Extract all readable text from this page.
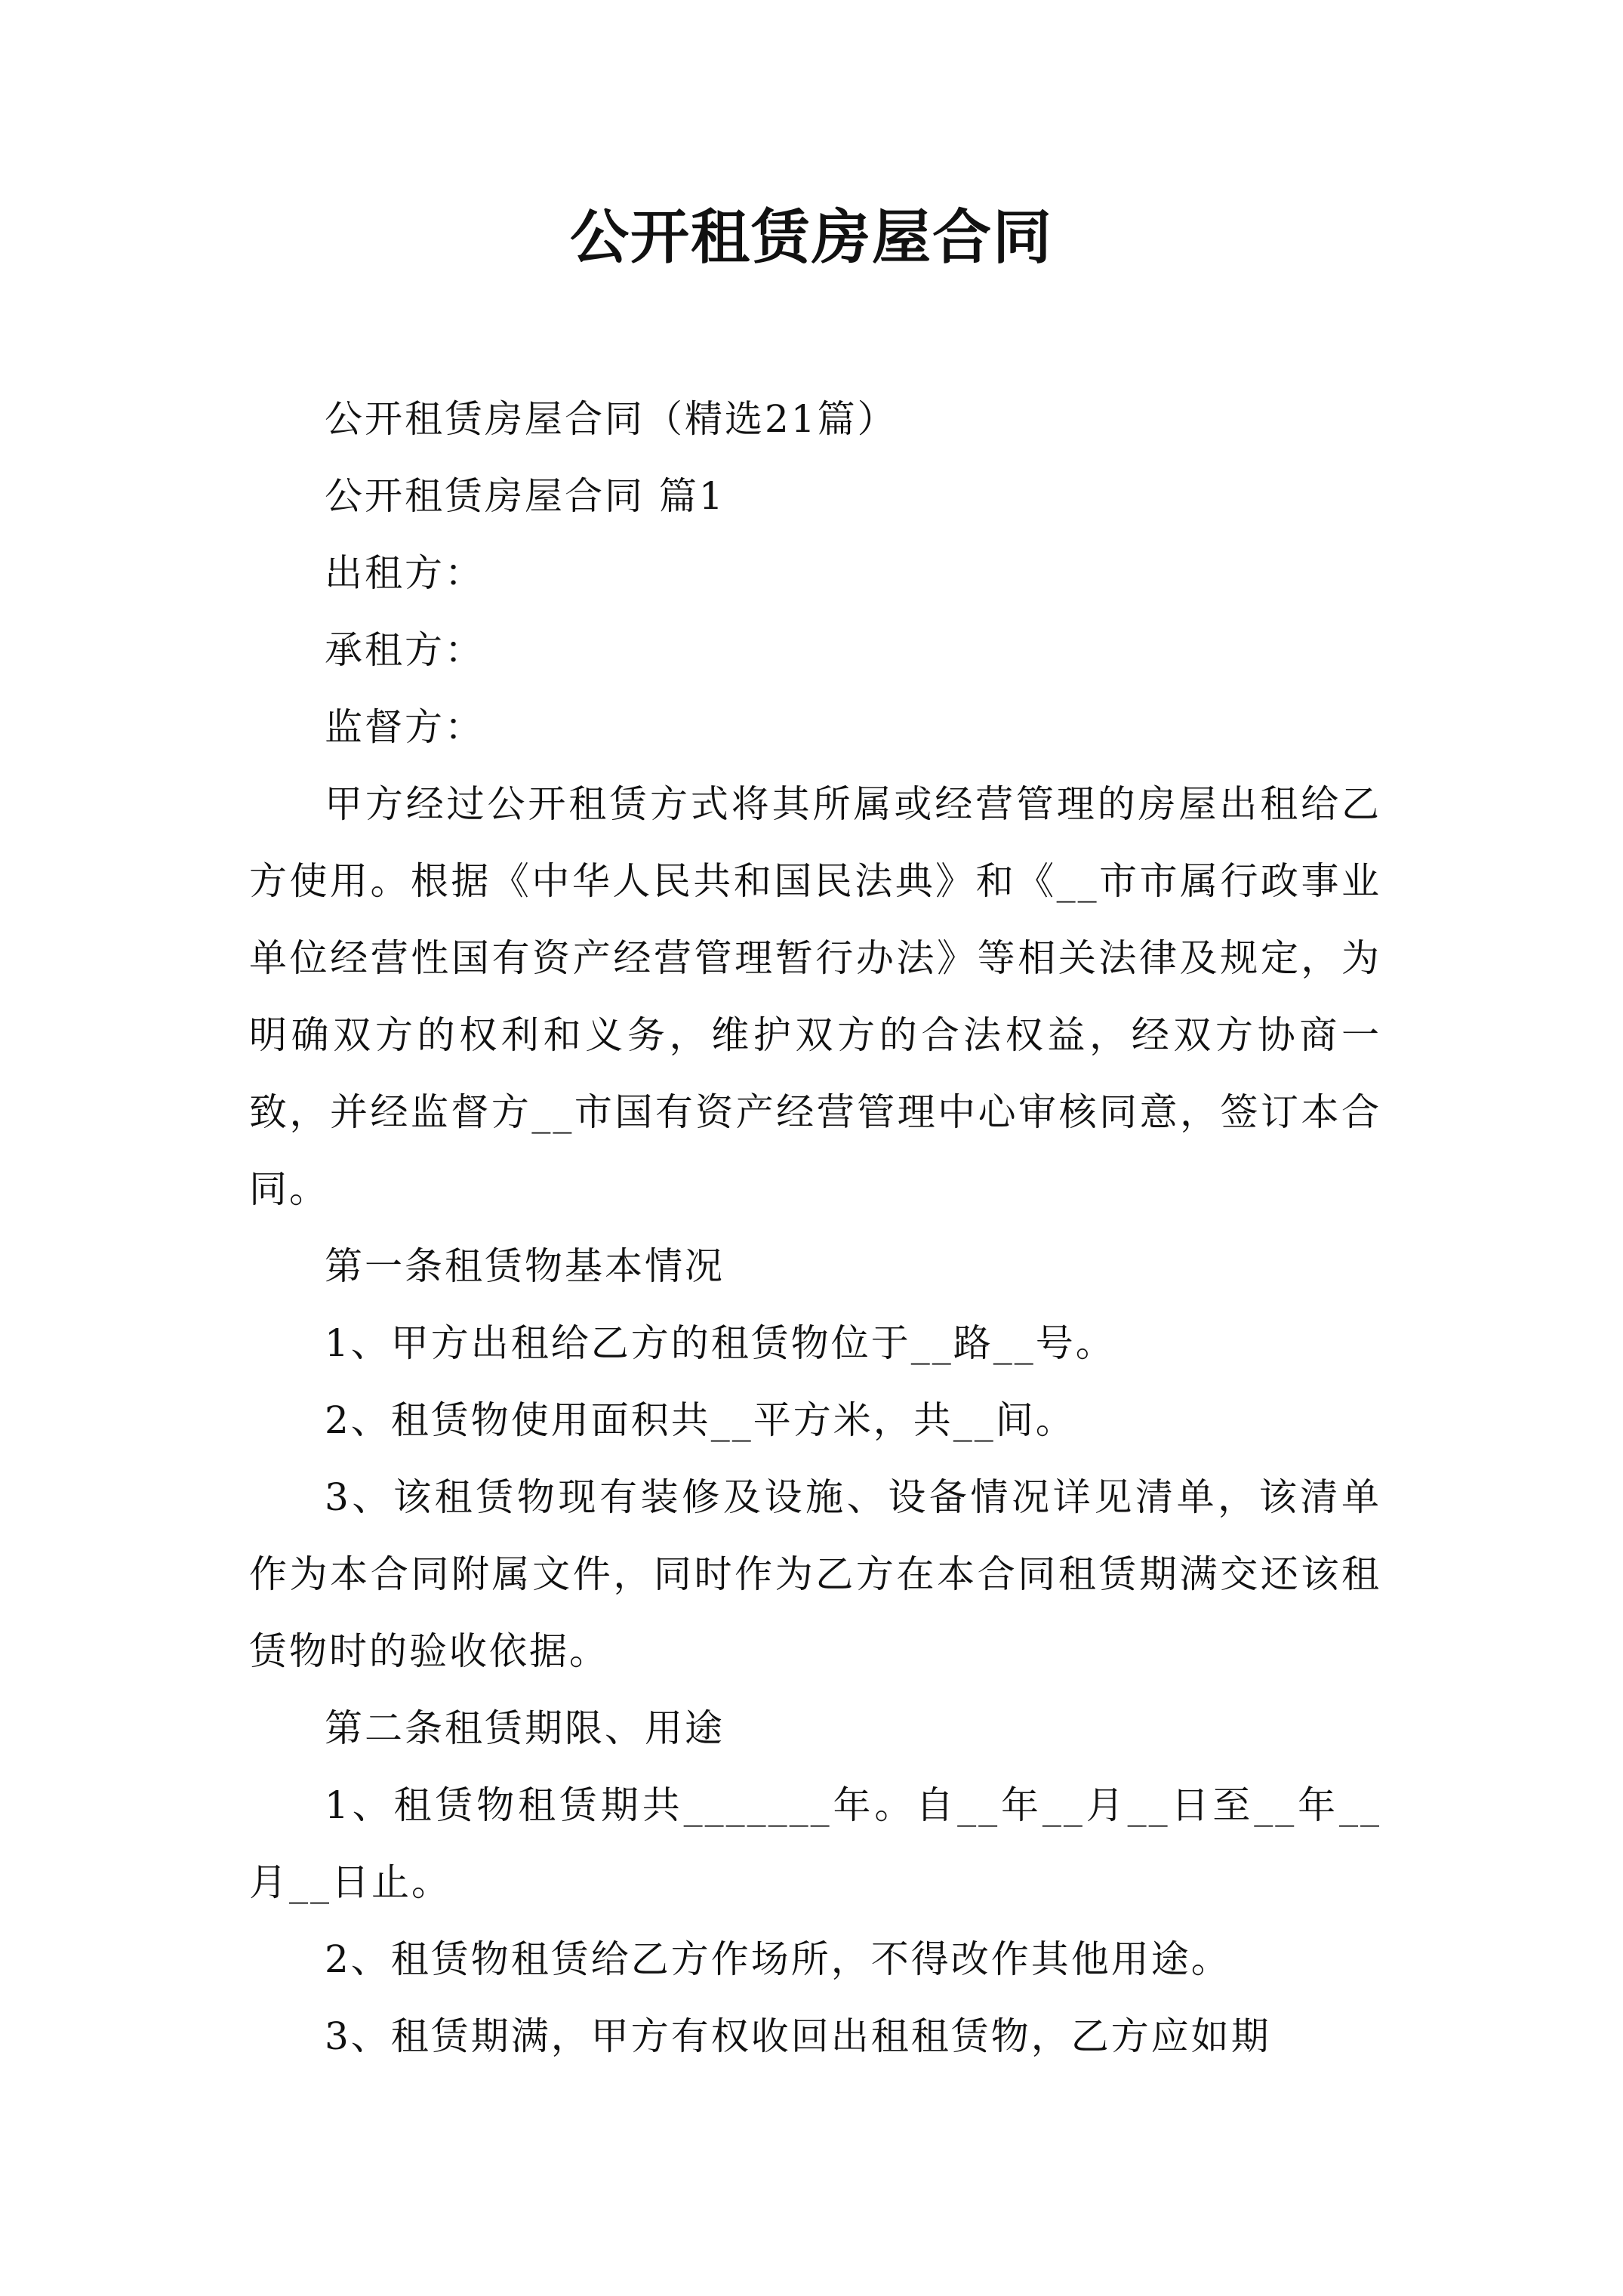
公开租赁房屋合同

公开租赁房屋合同（精选21篇）

公开租赁房屋合同 篇1

出租方：

承租方：

监督方：

甲方经过公开租赁方式将其所属或经营管理的房屋出租给乙方使用。根据《中华人民共和国民法典》和《__市市属行政事业单位经营性国有资产经营管理暂行办法》等相关法律及规定，为明确双方的权利和义务，维护双方的合法权益，经双方协商一致，并经监督方__市国有资产经营管理中心审核同意，签订本合同。

第一条租赁物基本情况

1、甲方出租给乙方的租赁物位于__路__号。

2、租赁物使用面积共__平方米，共__间。

3、该租赁物现有装修及设施、设备情况详见清单，该清单作为本合同附属文件，同时作为乙方在本合同租赁期满交还该租赁物时的验收依据。

第二条租赁期限、用途

1、租赁物租赁期共_______年。自__年__月__日至__年__月__日止。

2、租赁物租赁给乙方作场所，不得改作其他用途。

3、租赁期满，甲方有权收回出租租赁物，乙方应如期
